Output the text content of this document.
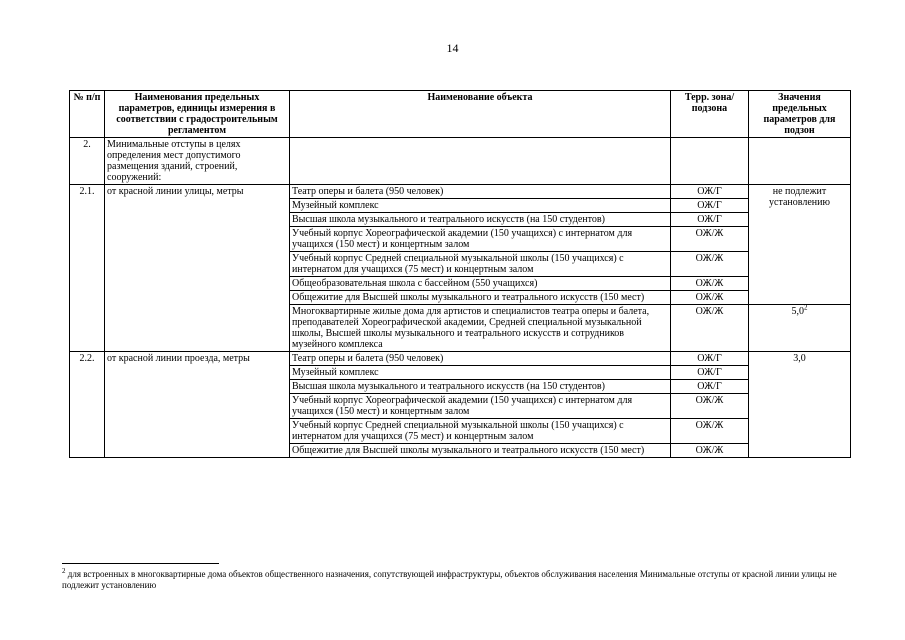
14
№ п/п	Наименования предельных параметров, единицы измерения в соответствии с градостроительным регламентом	Наименование объекта	Терр. зона/подзона	Значения предельных параметров для подзон
2.	Минимальные отступы в целях определения мест допустимого размещения зданий, строений, сооружений:			
2.1.	от красной линии улицы, метры	Театр оперы и балета (950 человек)	ОЖ/Г	не подлежит установлению
		Музейный комплекс	ОЖ/Г	
		Высшая школа музыкального и театрального искусств (на 150 студентов)	ОЖ/Г	
		Учебный корпус Хореографической академии (150 учащихся) с интернатом для учащихся (150 мест) и концертным залом	ОЖ/Ж	
		Учебный корпус Средней специальной музыкальной школы (150 учащихся) с интернатом для учащихся (75 мест) и концертным залом	ОЖ/Ж	
		Общеобразовательная школа с бассейном (550 учащихся)	ОЖ/Ж	
		Общежитие для Высшей школы музыкального и театрального искусств (150 мест)	ОЖ/Ж	
		Многоквартирные жилые дома для артистов и специалистов театра оперы и балета, преподавателей Хореографической академии, Средней специальной музыкальной школы, Высшей школы музыкального и театрального искусств и сотрудников музейного комплекса	ОЖ/Ж	$5,0^2$
2.2.	от красной линии проезда, метры	Театр оперы и балета (950 человек)	ОЖ/Г	3,0
		Музейный комплекс	ОЖ/Г	
		Высшая школа музыкального и театрального искусств (на 150 студентов)	ОЖ/Г	
		Учебный корпус Хореографической академии (150 учащихся) с интернатом для учащихся (150 мест) и концертным залом	ОЖ/Ж	
		Учебный корпус Средней специальной музыкальной школы (150 учащихся) с интернатом для учащихся (75 мест) и концертным залом	ОЖ/Ж	
		Общежитие для Высшей школы музыкального и театрального искусств (150 мест)	ОЖ/Ж	
$^2$ для встроенных в многоквартирные дома объектов общественного назначения, сопутствующей инфраструктуры, объектов обслуживания населения Минимальные отступы от красной линии улицы не подлежит установлению
